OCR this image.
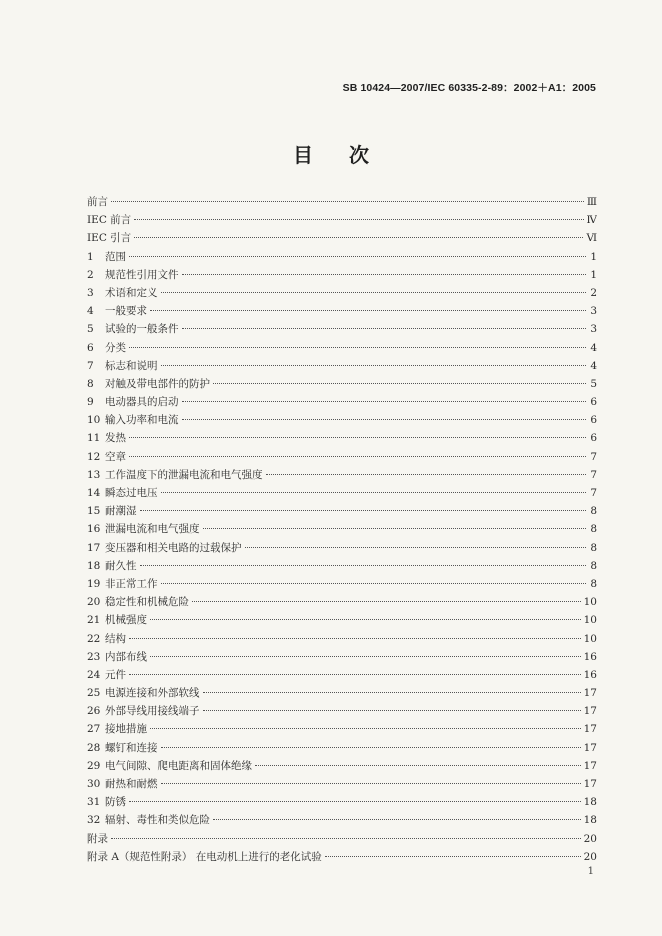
SB 10424—2007/IEC 60335-2-89：2002＋A1：2005
目次
前言	Ⅲ
IEC 前言	Ⅳ
IEC 引言	Ⅵ
1	范围	1
2	规范性引用文件	1
3	术语和定义	2
4	一般要求	3
5	试验的一般条件	3
6	分类	4
7	标志和说明	4
8	对触及带电部件的防护	5
9	电动器具的启动	6
10 输入功率和电流	6
11 发热	6
12 空章	7
13 工作温度下的泄漏电流和电气强度	7
14 瞬态过电压	7
15 耐潮湿	8
16 泄漏电流和电气强度	8
17 变压器和相关电路的过载保护	8
18 耐久性	8
19 非正常工作	8
20 稳定性和机械危险	10
21 机械强度	10
22 结构	10
23 内部布线	16
24 元件	16
25 电源连接和外部软线	17
26 外部导线用接线端子	17
27 接地措施	17
28 螺钉和连接	17
29 电气间隙、爬电距离和固体绝缘	17
30 耐热和耐燃	17
31 防锈	18
32 辐射、毒性和类似危险	18
附录	20
附录 A（规范性附录） 在电动机上进行的老化试验	20
1
